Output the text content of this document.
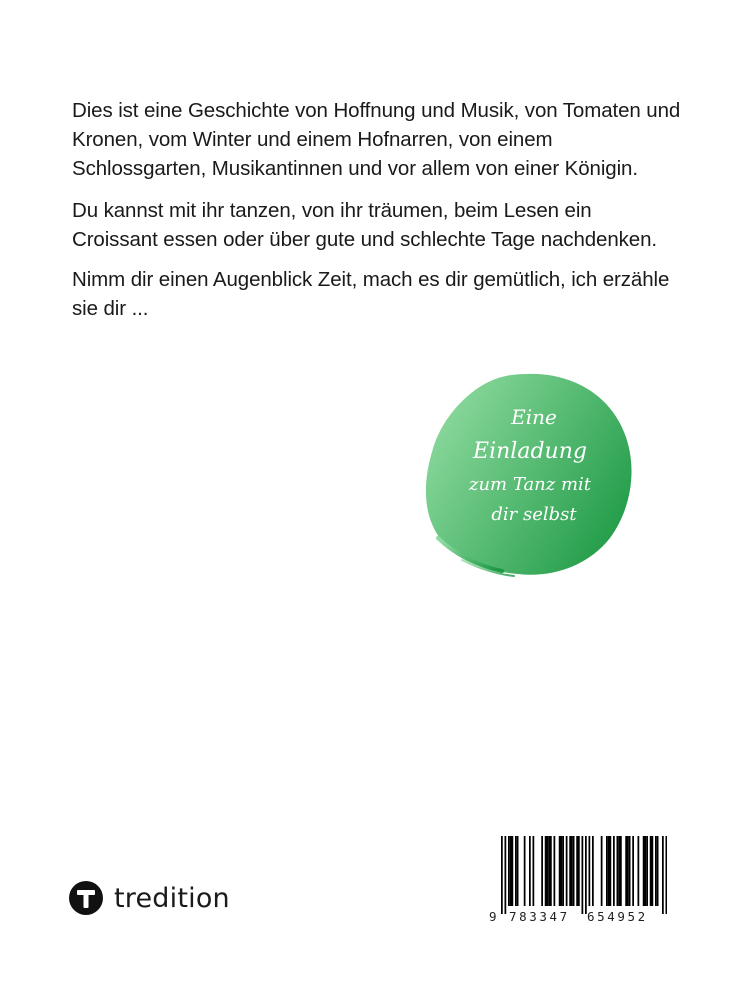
Dies ist eine Geschichte von Hoffnung und Musik, von Tomaten und Kronen, vom Winter und einem Hofnarren, von einem Schlossgarten, Musikantinnen und vor allem von einer Königin.

Du kannst mit ihr tanzen, von ihr träumen, beim Lesen ein Croissant essen oder über gute und schlechte Tage nachdenken.

Nimm dir einen Augenblick Zeit, mach es dir gemütlich, ich erzähle sie dir ...

Eine
Einladung
zum Tanz mit
dir selbst
tredition
9 783347 654952
